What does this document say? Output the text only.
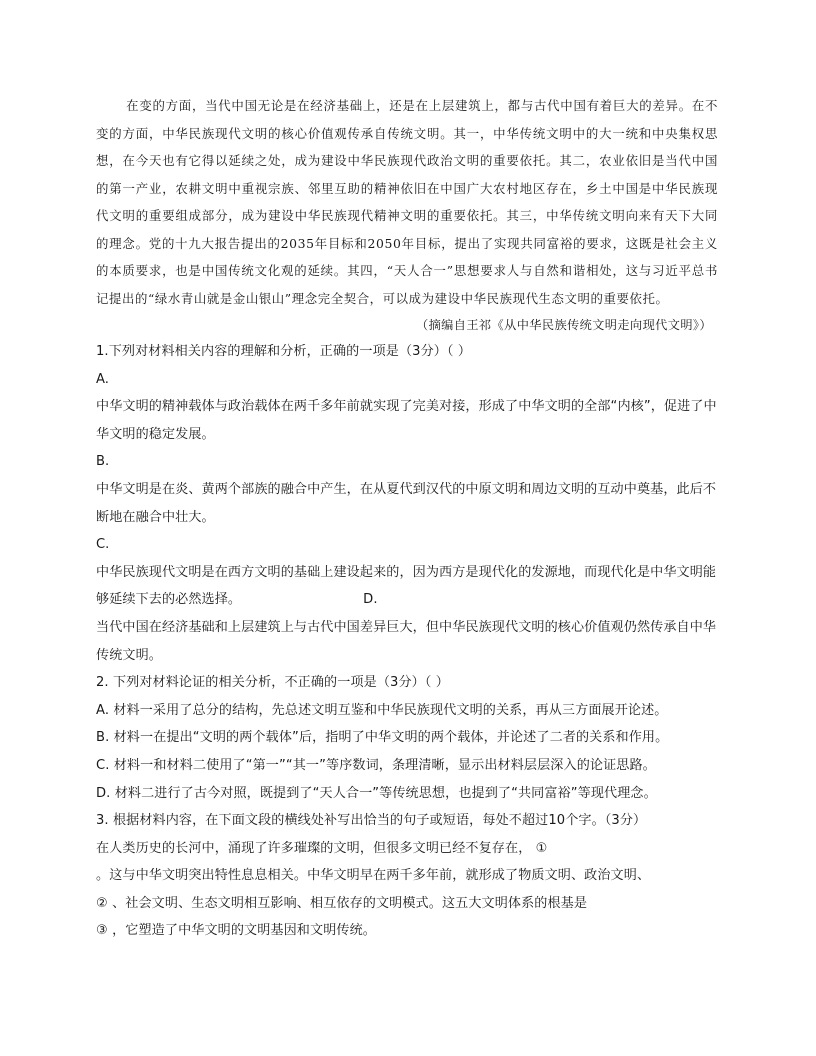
在变的方面，当代中国无论是在经济基础上，还是在上层建筑上，都与古代中国有着巨大的差异。在不变的方面，中华民族现代文明的核心价值观传承自传统文明。其一，中华传统文明中的大一统和中央集权思想，在今天也有它得以延续之处，成为建设中华民族现代政治文明的重要依托。其二，农业依旧是当代中国的第一产业，农耕文明中重视宗族、邻里互助的精神依旧在中国广大农村地区存在，乡土中国是中华民族现代文明的重要组成部分，成为建设中华民族现代精神文明的重要依托。其三，中华传统文明向来有天下大同的理念。党的十九大报告提出的2035年目标和2050年目标，提出了实现共同富裕的要求，这既是社会主义的本质要求，也是中国传统文化观的延续。其四，“天人合一”思想要求人与自然和谐相处，这与习近平总书记提出的“绿水青山就是金山银山”理念完全契合，可以成为建设中华民族现代生态文明的重要依托。

（摘编自王祁《从中华民族传统文明走向现代文明》）

1.下列对材料相关内容的理解和分析，正确的一项是（3分）（ ）

A.

中华文明的精神载体与政治载体在两千多年前就实现了完美对接，形成了中华文明的全部“内核”，促进了中华文明的稳定发展。

B.

中华文明是在炎、黄两个部族的融合中产生，在从夏代到汉代的中原文明和周边文明的互动中奠基，此后不断地在融合中壮大。

C.

中华民族现代文明是在西方文明的基础上建设起来的，因为西方是现代化的发源地，而现代化是中华文明能够延续下去的必然选择。	D.

当代中国在经济基础和上层建筑上与古代中国差异巨大，但中华民族现代文明的核心价值观仍然传承自中华传统文明。

2. 下列对材料论证的相关分析，不正确的一项是（3分）（ ）

A. 材料一采用了总分的结构，先总述文明互鉴和中华民族现代文明的关系，再从三方面展开论述。

B. 材料一在提出“文明的两个载体”后，指明了中华文明的两个载体，并论述了二者的关系和作用。

C. 材料一和材料二使用了“第一”“其一”等序数词，条理清晰，显示出材料层层深入的论证思路。

D. 材料二进行了古今对照，既提到了“天人合一”等传统思想，也提到了“共同富裕”等现代理念。

3. 根据材料内容，在下面文段的横线处补写出恰当的句子或短语，每处不超过10个字。（3分）

在人类历史的长河中，涌现了许多璀璨的文明，但很多文明已经不复存在， ①

。这与中华文明突出特性息息相关。中华文明早在两千多年前，就形成了物质文明、政治文明、

② 、社会文明、生态文明相互影响、相互依存的文明模式。这五大文明体系的根基是

③ ，它塑造了中华文明的文明基因和文明传统。
